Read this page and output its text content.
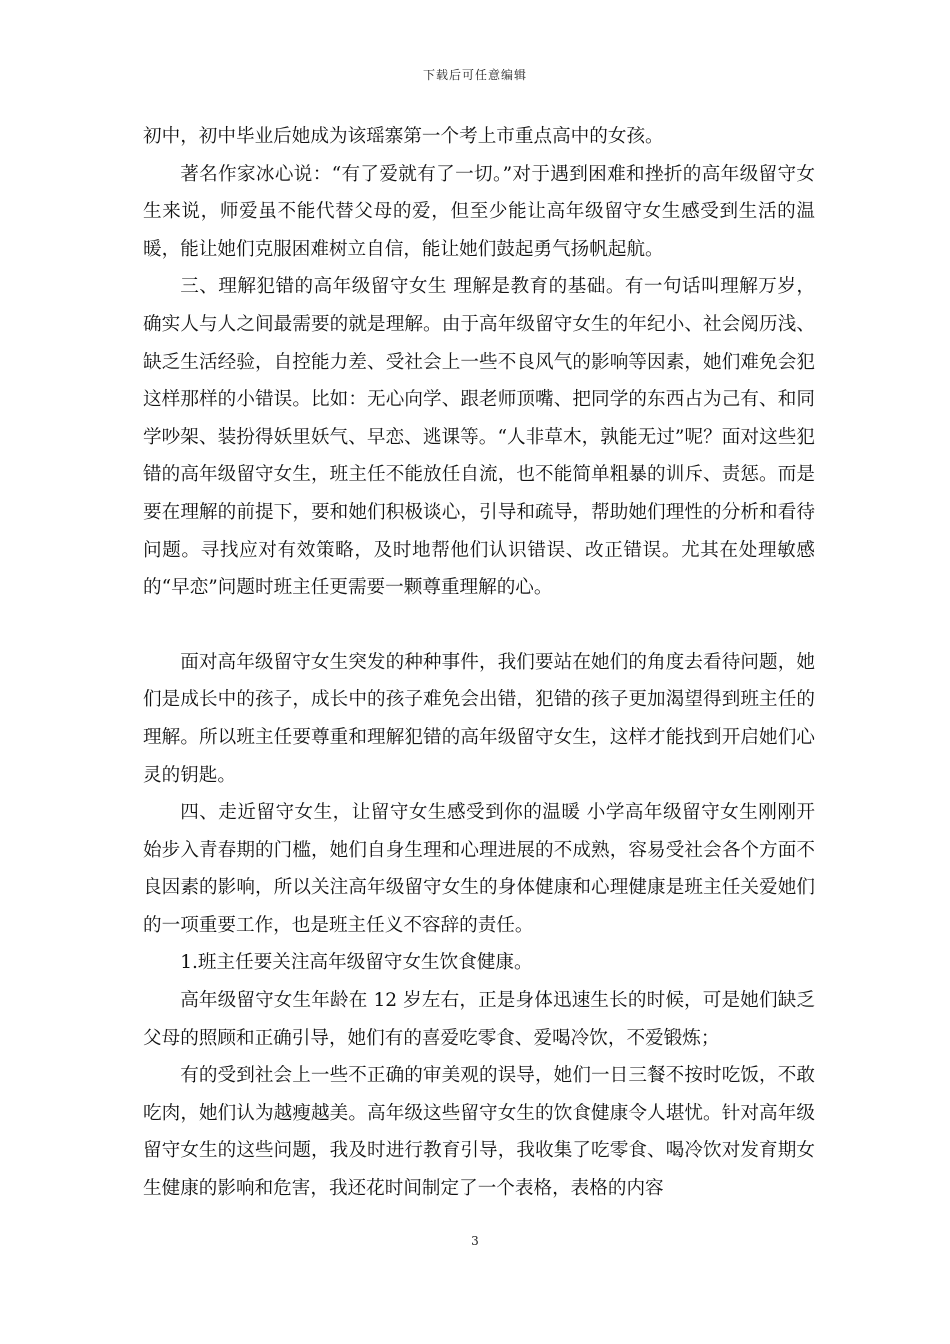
下载后可任意编辑

初中，初中毕业后她成为该瑶寨第一个考上市重点高中的女孩。

著名作家冰心说：“有了爱就有了一切。”对于遇到困难和挫折的高年级留守女生来说，师爱虽不能代替父母的爱，但至少能让高年级留守女生感受到生活的温暖，能让她们克服困难树立自信，能让她们鼓起勇气扬帆起航。

三、理解犯错的高年级留守女生 理解是教育的基础。有一句话叫理解万岁，确实人与人之间最需要的就是理解。由于高年级留守女生的年纪小、社会阅历浅、缺乏生活经验，自控能力差、受社会上一些不良风气的影响等因素，她们难免会犯这样那样的小错误。比如：无心向学、跟老师顶嘴、把同学的东西占为己有、和同学吵架、装扮得妖里妖气、早恋、逃课等。“人非草木，孰能无过”呢？面对这些犯错的高年级留守女生，班主任不能放任自流，也不能简单粗暴的训斥、责惩。而是要在理解的前提下，要和她们积极谈心，引导和疏导，帮助她们理性的分析和看待问题。寻找应对有效策略，及时地帮他们认识错误、改正错误。尤其在处理敏感的“早恋”问题时班主任更需要一颗尊重理解的心。

面对高年级留守女生突发的种种事件，我们要站在她们的角度去看待问题，她们是成长中的孩子，成长中的孩子难免会出错，犯错的孩子更加渴望得到班主任的理解。所以班主任要尊重和理解犯错的高年级留守女生，这样才能找到开启她们心灵的钥匙。

四、走近留守女生，让留守女生感受到你的温暖 小学高年级留守女生刚刚开始步入青春期的门槛，她们自身生理和心理进展的不成熟，容易受社会各个方面不良因素的影响，所以关注高年级留守女生的身体健康和心理健康是班主任关爱她们的一项重要工作，也是班主任义不容辞的责任。

1.班主任要关注高年级留守女生饮食健康。

高年级留守女生年龄在 12 岁左右，正是身体迅速生长的时候，可是她们缺乏父母的照顾和正确引导，她们有的喜爱吃零食、爱喝冷饮，不爱锻炼；

有的受到社会上一些不正确的审美观的误导，她们一日三餐不按时吃饭，不敢吃肉，她们认为越瘦越美。高年级这些留守女生的饮食健康令人堪忧。针对高年级留守女生的这些问题，我及时进行教育引导，我收集了吃零食、喝冷饮对发育期女生健康的影响和危害，我还花时间制定了一个表格，表格的内容

3
